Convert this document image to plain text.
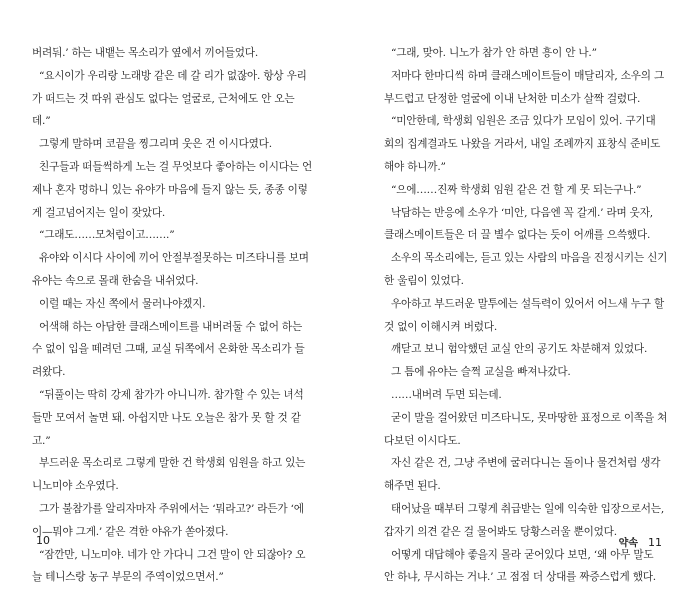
버려둬.’ 하는 내뱉는 목소리가 옆에서 끼어들었다.
“요시이가 우리랑 노래방 같은 데 갈 리가 없잖아. 항상 우리
가 떠드는 것 따위 관심도 없다는 얼굴로, 근처에도 안 오는
데.”
그렇게 말하며 코끝을 찡그리며 웃은 건 이시다였다.
친구들과 떠들썩하게 노는 걸 무엇보다 좋아하는 이시다는 언
제나 혼자 멍하니 있는 유야가 마음에 들지 않는 듯, 종종 이렇
게 걸고넘어지는 일이 잦았다.
“그래도……모처럼이고…….”
유야와 이시다 사이에 끼어 안절부절못하는 미즈타니를 보며
유야는 속으로 몰래 한숨을 내쉬었다.
이럴 때는 자신 쪽에서 물러나야겠지.
어색해 하는 아담한 클래스메이트를 내버려둘 수 없어 하는
수 없이 입을 떼려던 그때, 교실 뒤쪽에서 온화한 목소리가 들
려왔다.
“뒤풀이는 딱히 강제 참가가 아니니까. 참가할 수 있는 녀석
들만 모여서 놀면 돼. 아쉽지만 나도 오늘은 참가 못 할 것 같
고.”
부드러운 목소리로 그렇게 말한 건 학생회 임원을 하고 있는
니노미야 소우였다.
그가 불참가를 알리자마자 주위에서는 ‘뭐라고?’ 라든가 ‘에
이—뭐야 그게.’ 같은 격한 야유가 쏟아졌다.
“잠깐만, 니노미야. 네가 안 가다니 그건 말이 안 되잖아? 오
늘 테니스랑 농구 부문의 주역이었으면서.”
“그래, 맞아. 니노가 참가 안 하면 흥이 안 나.”
저마다 한마디씩 하며 클래스메이트들이 매달리자, 소우의 그
부드럽고 단정한 얼굴에 이내 난처한 미소가 살짝 걸렸다.
“미안한데, 학생회 임원은 조금 있다가 모임이 있어. 구기대
회의 집계결과도 나왔을 거라서, 내일 조례까지 표창식 준비도
해야 하니까.”
“으에……진짜 학생회 임원 같은 건 할 게 못 되는구나.”
낙담하는 반응에 소우가 ‘미안, 다음엔 꼭 갈게.’ 라며 웃자,
클래스메이트들은 더 끌 별수 없다는 듯이 어깨를 으쓱했다.
소우의 목소리에는, 듣고 있는 사람의 마음을 진정시키는 신기
한 울림이 있었다.
우아하고 부드러운 말투에는 설득력이 있어서 어느새 누구 할
것 없이 이해시켜 버렸다.
깨닫고 보니 험악했던 교실 안의 공기도 차분해져 있었다.
그 틈에 유야는 슬쩍 교실을 빠져나갔다.
……내버려 두면 되는데.
굳이 말을 걸어왔던 미즈타니도, 못마땅한 표정으로 이쪽을 쳐
다보던 이시다도.
자신 같은 건, 그냥 주변에 굴러다니는 돌이나 물건처럼 생각
해주면 된다.
태어났을 때부터 그렇게 취급받는 일에 익숙한 입장으로서는,
갑자기 의견 같은 걸 물어봐도 당황스러울 뿐이었다.
어떻게 대답해야 좋을지 몰라 굳어있다 보면, ‘왜 아무 말도
안 하냐, 무시하는 거냐.’ 고 점점 더 상대를 짜증스럽게 했다.
10	약속 11
